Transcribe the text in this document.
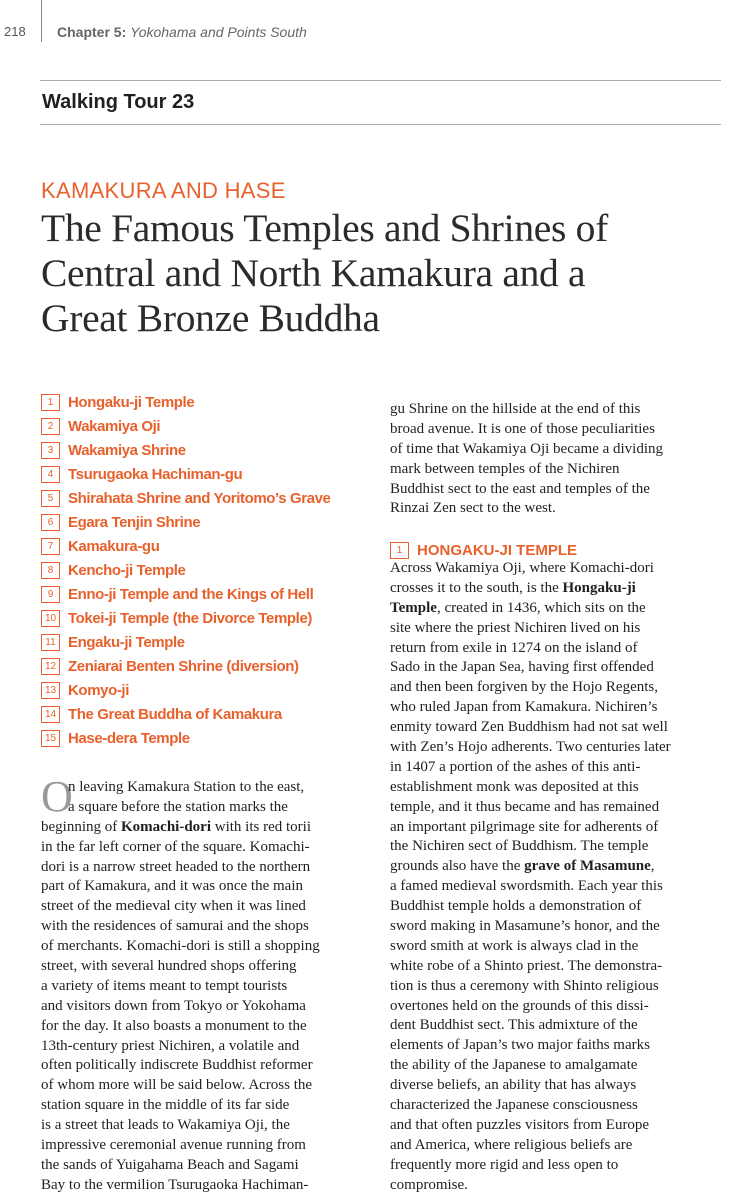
218 Chapter 5: Yokohama and Points South
Walking Tour 23
KAMAKURA AND HASE
The Famous Temples and Shrines of
Central and North Kamakura and a
Great Bronze Buddha
1 Hongaku-ji Temple
2 Wakamiya Oji
3 Wakamiya Shrine
4 Tsurugaoka Hachiman-gu
5 Shirahata Shrine and Yoritomo’s Grave
6 Egara Tenjin Shrine
7 Kamakura-gu
8 Kencho-ji Temple
9 Enno-ji Temple and the Kings of Hell
10 Tokei-ji Temple (the Divorce Temple)
11 Engaku-ji Temple
12 Zeniarai Benten Shrine (diversion)
13 Komyo-ji
14 The Great Buddha of Kamakura
15 Hase-dera Temple
O
n leaving Kamakura Station to the east,
a square before the station marks the
beginning of Komachi-dori with its red torii
in the far left corner of the square. Komachi-
dori is a narrow street headed to the northern
part of Kamakura, and it was once the main
street of the medieval city when it was lined
with the residences of samurai and the shops
of merchants. Komachi-dori is still a shopping
street, with several hundred shops offering
a variety of items meant to tempt tourists
and visitors down from Tokyo or Yokohama
for the day. It also boasts a monument to the
13th-century priest Nichiren, a volatile and
often politically indiscrete Buddhist reformer
of whom more will be said below. Across the
station square in the middle of its far side
is a street that leads to Wakamiya Oji, the
impressive ceremonial avenue running from
the sands of Yuigahama Beach and Sagami
Bay to the vermilion Tsurugaoka Hachiman-
gu Shrine on the hillside at the end of this
broad avenue. It is one of those peculiarities
of time that Wakamiya Oji became a dividing
mark between temples of the Nichiren
Buddhist sect to the east and temples of the
Rinzai Zen sect to the west.
1 HONGAKU-JI TEMPLE
Across Wakamiya Oji, where Komachi-dori
crosses it to the south, is the Hongaku-ji
Temple, created in 1436, which sits on the
site where the priest Nichiren lived on his
return from exile in 1274 on the island of
Sado in the Japan Sea, having first offended
and then been forgiven by the Hojo Regents,
who ruled Japan from Kamakura. Nichiren’s
enmity toward Zen Buddhism had not sat well
with Zen’s Hojo adherents. Two centuries later
in 1407 a portion of the ashes of this anti-
establishment monk was deposited at this
temple, and it thus became and has remained
an important pilgrimage site for adherents of
the Nichiren sect of Buddhism. The temple
grounds also have the grave of Masamune,
a famed medieval swordsmith. Each year this
Buddhist temple holds a demonstration of
sword making in Masamune’s honor, and the
sword smith at work is always clad in the
white robe of a Shinto priest. The demonstra-
tion is thus a ceremony with Shinto religious
overtones held on the grounds of this dissi-
dent Buddhist sect. This admixture of the
elements of Japan’s two major faiths marks
the ability of the Japanese to amalgamate
diverse beliefs, an ability that has always
characterized the Japanese consciousness
and that often puzzles visitors from Europe
and America, where religious beliefs are
frequently more rigid and less open to
compromise.
